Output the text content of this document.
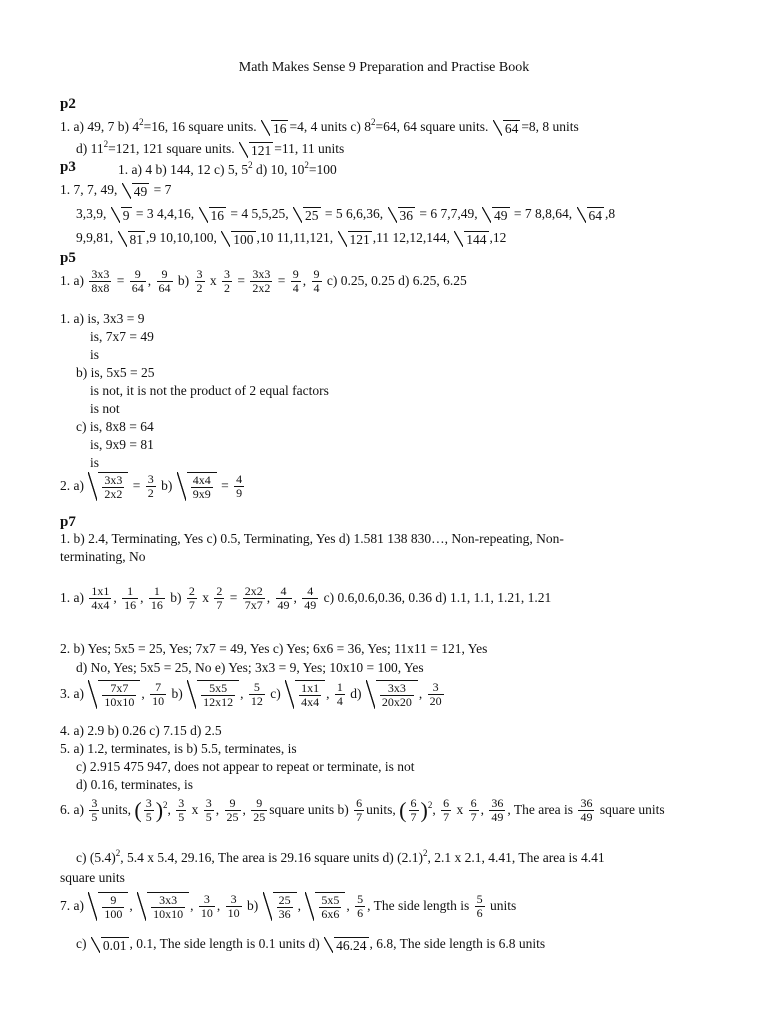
Math Makes Sense 9 Preparation and Practise Book
p2
1. a) 49, 7 b) $4^2=16$, 16 square units. 16 =4, 4 units c) $8^2=64$, 64 square units. 64 =8, 8 units
d) $11^2=121$, 121 square units. 121 =11, 11 units
p3	1. a) 4 b) 144, 12 c) 5, $5^2$ d) 10, $10^2=100$
1. 7, 7, 49, 49 = 7
3,3,9, 9 = 3 4,4,16, 16 = 4 5,5,25, 25 = 5 6,6,36, 36 = 6 7,7,49, 49 = 7 8,8,64, 64 ,8
9,9,81, 81 ,9 10,10,100, 100 ,10 11,11,121, 121 ,11 12,12,144, 144 ,12
p5
1. $a) \frac{3x3}{8x8} = \frac{9}{64}$ , $\frac{9}{64} b) \frac{3}{2}$ x $\frac{3}{2} = \frac{3x3}{2x2} = \frac{9}{4}$ , $\frac{9}{4} c$) 0.25, 0.25 d) 6.25, 6.25
1. a) is, 3x3 = 9
is, 7x7 = 49
is
b) is, 5x5 = 25
is not, it is not the product of 2 equal factors
is not
c) is, 8x8 = 64
is, 9x9 = 81
is
2. $a) \frac{3x3}{2x2} = \frac{3}{2} b) \frac{4x4}{9x9} = \frac{4}{9}$
p7
1. b) 2.4, Terminating, Yes c) 0.5, Terminating, Yes d) 1.581 138 830…, Non-repeating, Non-
terminating, No
1. $a) \frac{1x1}{4x4}$ , $\frac{1}{16}$ , $\frac{1}{16} b) \frac{2}{7}$ x $\frac{2}{7} = \frac{2x2}{7x7}$ , $\frac{4}{49}$ , $\frac{4}{49} c$) 0.6,0.6,0.36, 0.36 d) 1.1, 1.1, 1.21, 1.21
2. b) Yes; 5x5 = 25, Yes; 7x7 = 49, Yes c) Yes; 6x6 = 36, Yes; 11x11 = 121, Yes
d) No, Yes; 5x5 = 25, No e) Yes; 3x3 = 9, Yes; 10x10 = 100, Yes
3. $a) \frac{7x7}{10x10}$ , $\frac{7}{10} b) \frac{5x5}{12x12}$ , $\frac{5}{12} c) \frac{1x1}{4x4}$ , $\frac{1}{4} d) \frac{3x3}{20x20}$ , $\frac{3}{20}$
4. a) 2.9 b) 0.26 c) 7.15 d) 2.5
5. a) 1.2, terminates, is b) 5.5, terminates, is
c) 2.915 475 947, does not appear to repeat or terminate, is not
d) 0.16, terminates, is
6. $a) \frac{3}{5}$ units, ( $\frac{3}{5} )^2$, $\frac{3}{5}$ x $\frac{3}{5}$ , $\frac{9}{25}$ , $\frac{9}{25}$ square units $b) \frac{6}{7}$ units, ( $\frac{6}{7} )^2$, $\frac{6}{7}$ x $\frac{6}{7}$ , $\frac{36}{49}$ , The area is $\frac{36}{49}$ square units
c) $(5.4)^2$, 5.4 x 5.4, 29.16, The area is 29.16 square units d) $(2.1)^2$, 2.1 x 2.1, 4.41, The area is 4.41
square units
7. $a) \frac{9}{100}$ , $\frac{3x3}{10x10}$ , $\frac{3}{10}$ , $\frac{3}{10} b) \frac{25}{36}$ , $\frac{5x5}{6x6}$ , $\frac{5}{6}$ , The side length is $\frac{5}{6}$ units
c) 0.01 , 0.1, The side length is 0.1 units d) 46.24 , 6.8, The side length is 6.8 units
